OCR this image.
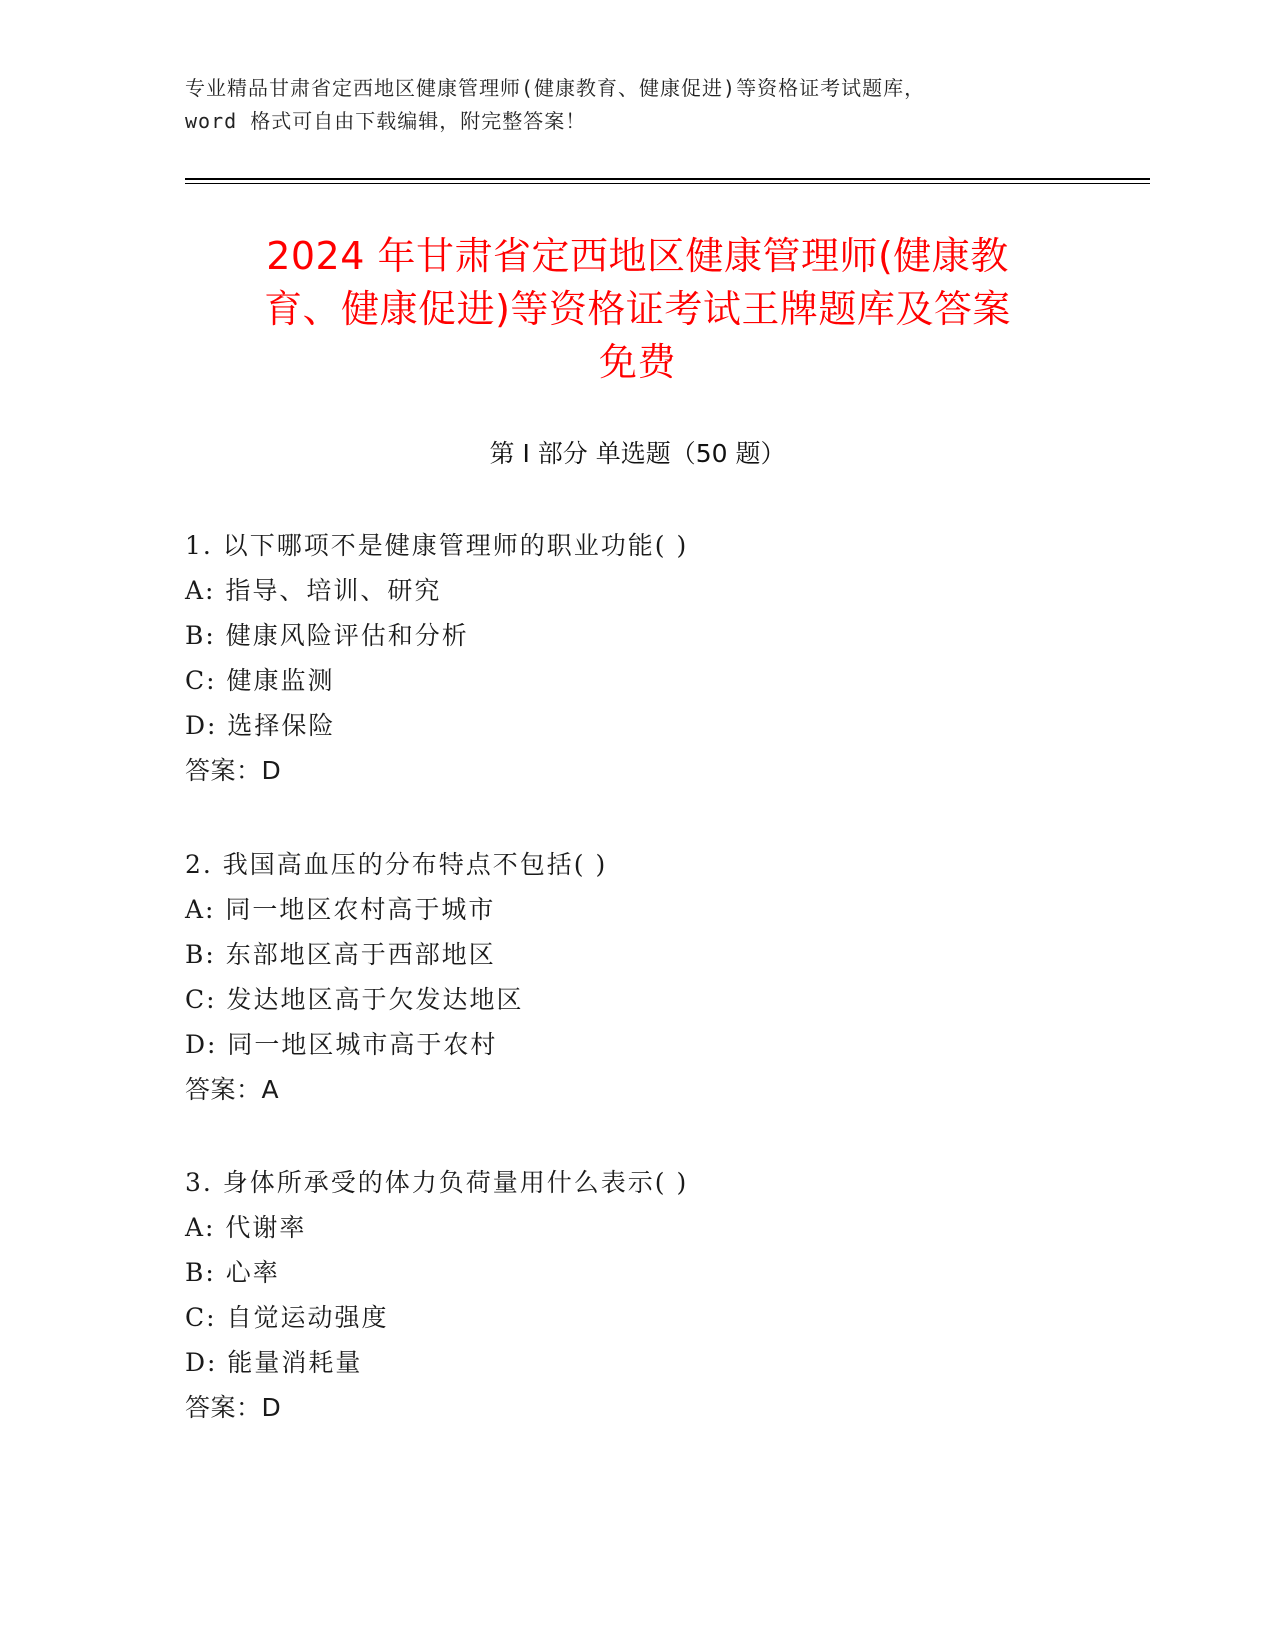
专业精品甘肃省定西地区健康管理师(健康教育、健康促进)等资格证考试题库，
word 格式可自由下载编辑，附完整答案！
2024 年甘肃省定西地区健康管理师(健康教
育、健康促进)等资格证考试王牌题库及答案
免费
第 I 部分 单选题（50 题）
1. 以下哪项不是健康管理师的职业功能( )
A: 指导、培训、研究
B: 健康风险评估和分析
C: 健康监测
D: 选择保险
答案：D
2. 我国高血压的分布特点不包括( )
A: 同一地区农村高于城市
B: 东部地区高于西部地区
C: 发达地区高于欠发达地区
D: 同一地区城市高于农村
答案：A
3. 身体所承受的体力负荷量用什么表示( )
A: 代谢率
B: 心率
C: 自觉运动强度
D: 能量消耗量
答案：D
